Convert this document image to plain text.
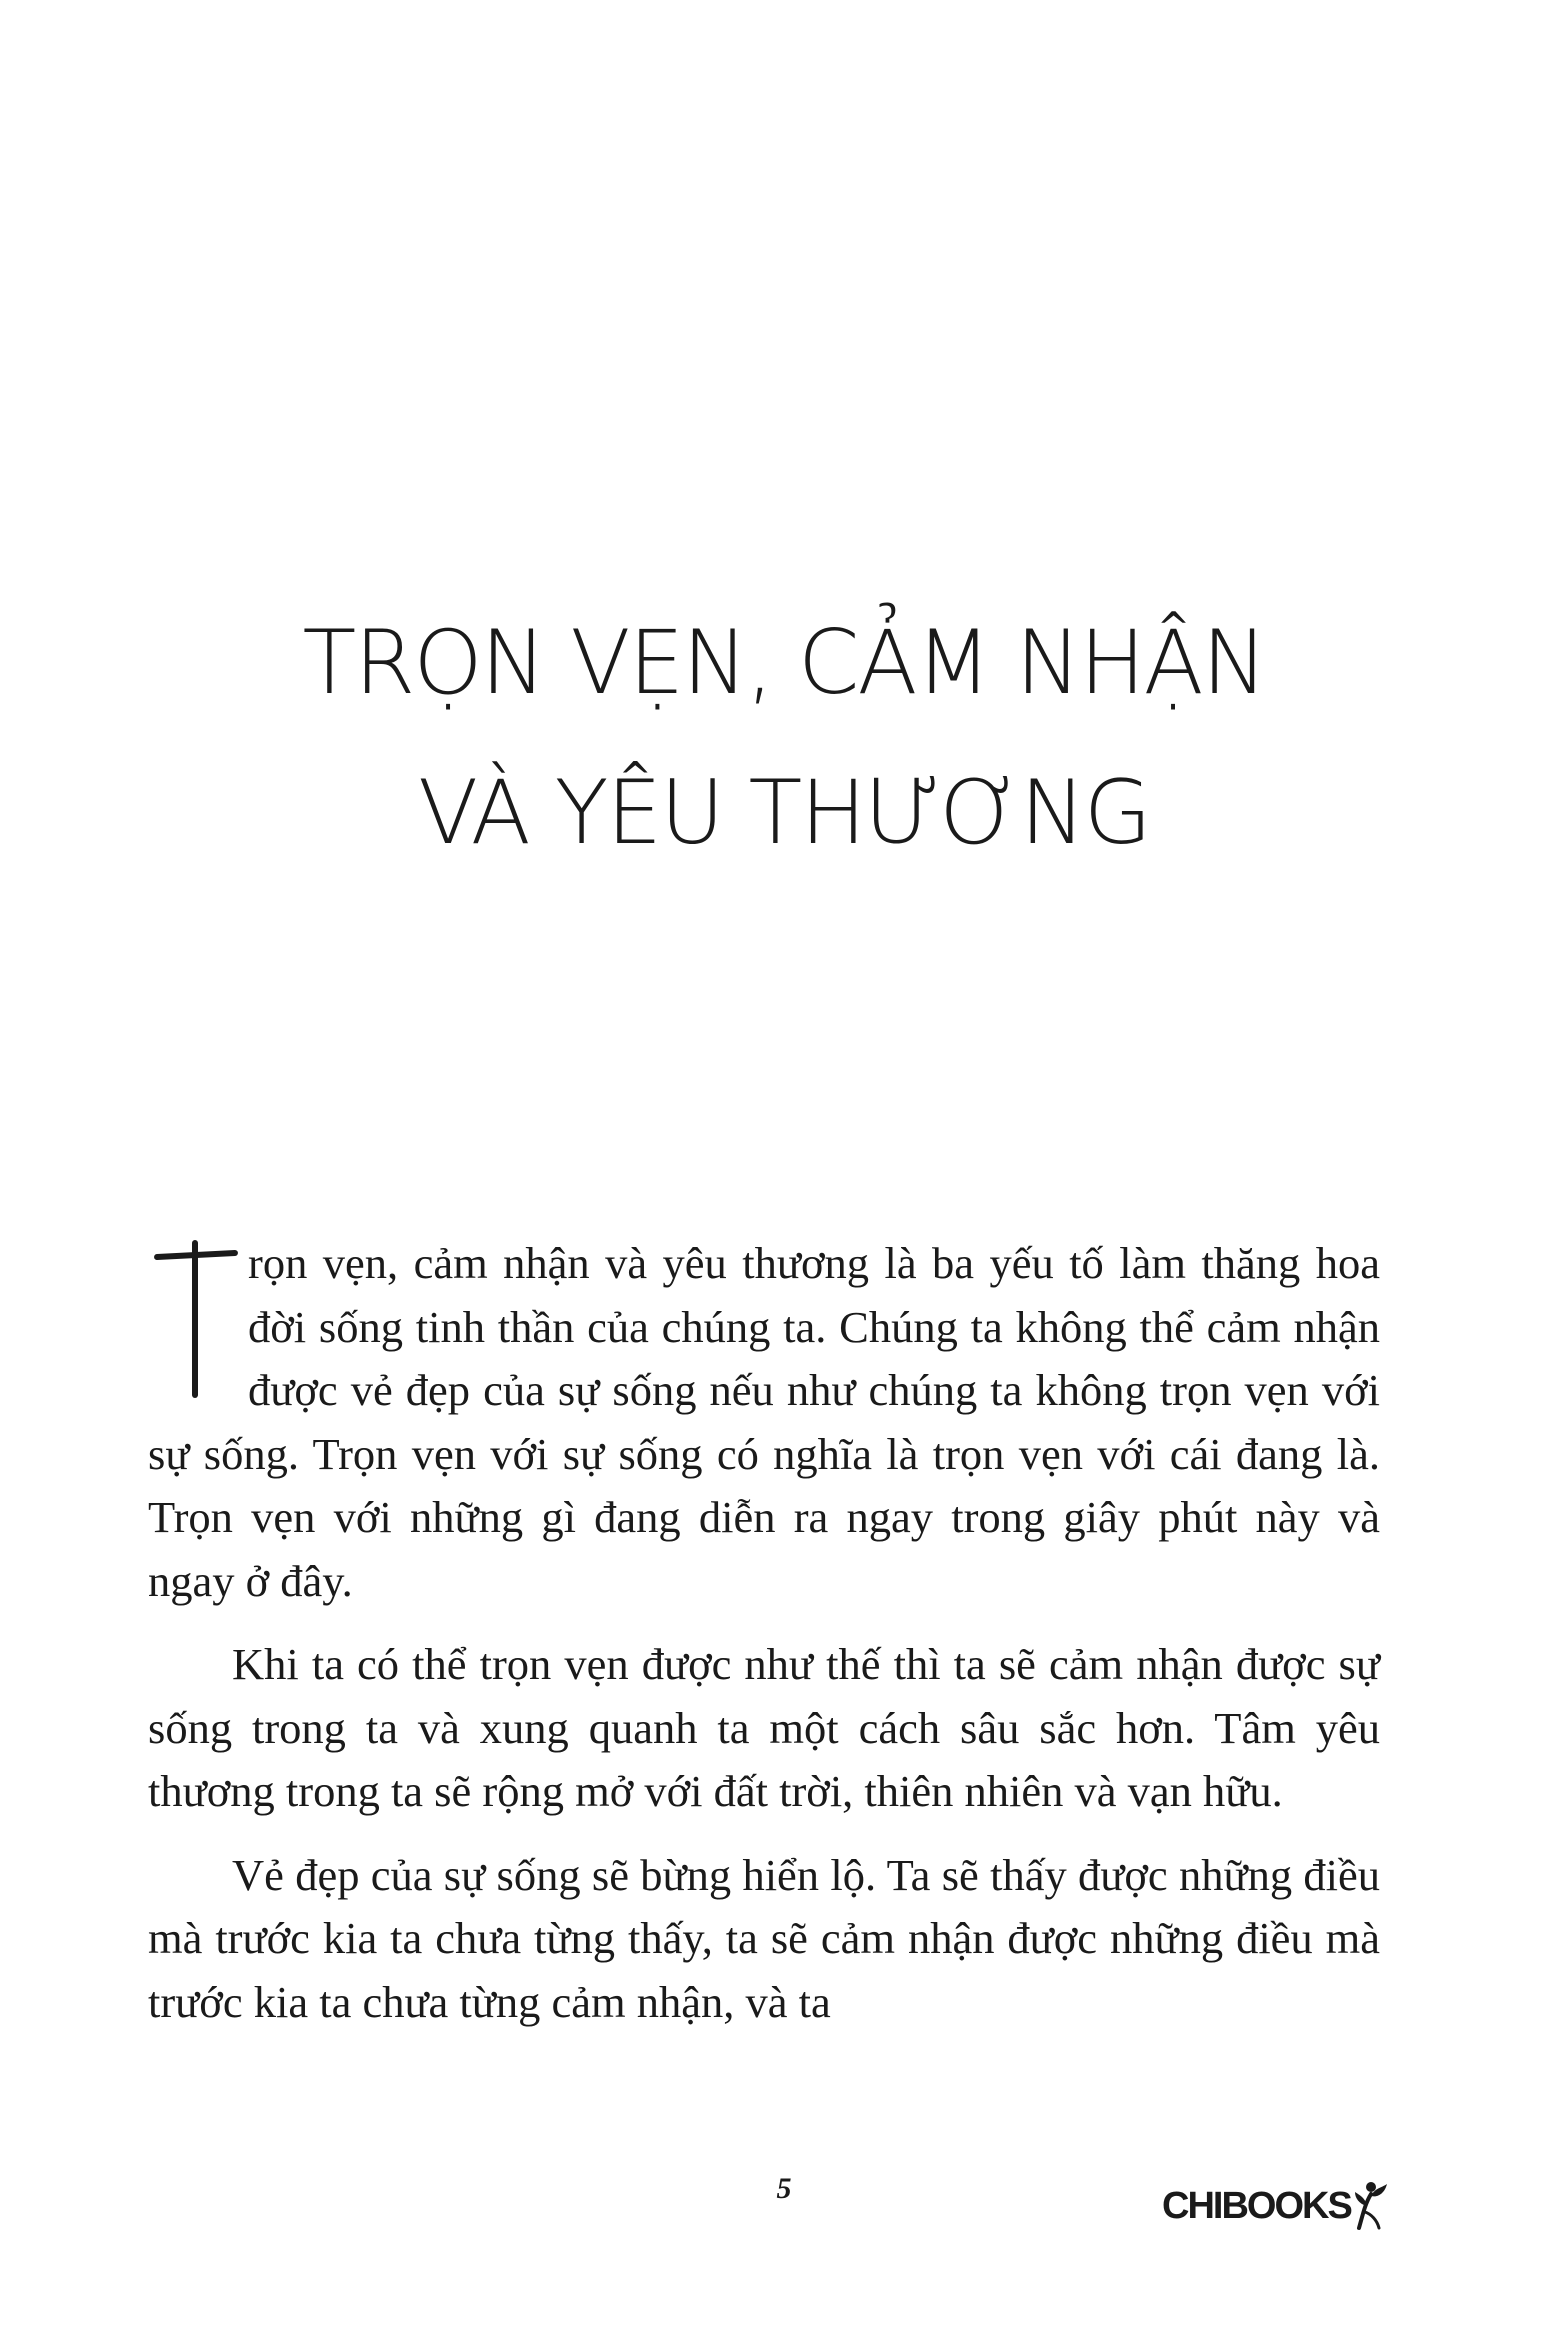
TRỌN VẸN, CẢM NHẬN
VÀ YÊU THƯƠNG

rọn vẹn, cảm nhận và yêu thương là ba yếu tố làm thăng hoa đời sống tinh thần của chúng ta. Chúng ta không thể cảm nhận được vẻ đẹp của sự sống nếu như chúng ta không trọn vẹn với sự sống. Trọn vẹn với sự sống có nghĩa là trọn vẹn với cái đang là. Trọn vẹn với những gì đang diễn ra ngay trong giây phút này và ngay ở đây.

Khi ta có thể trọn vẹn được như thế thì ta sẽ cảm nhận được sự sống trong ta và xung quanh ta một cách sâu sắc hơn. Tâm yêu thương trong ta sẽ rộng mở với đất trời, thiên nhiên và vạn hữu.

Vẻ đẹp của sự sống sẽ bừng hiển lộ. Ta sẽ thấy được những điều mà trước kia ta chưa từng thấy, ta sẽ cảm nhận được những điều mà trước kia ta chưa từng cảm nhận, và ta

5	CHIBOOKS
